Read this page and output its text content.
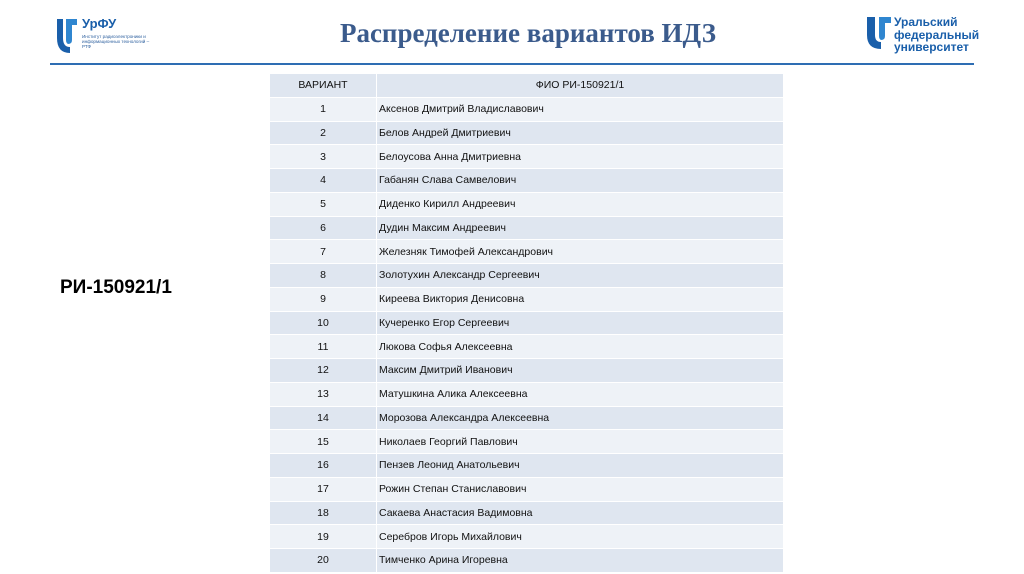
УрФУ
Институт радиоэлектроники и информационных технологий – РТФ	Распределение вариантов ИДЗ	Уральский
федеральный
университет
РИ-150921/1
ВАРИАНТ	ФИО РИ-150921/1
1	Аксенов Дмитрий Владиславович
2	Белов Андрей Дмитриевич
3	Белоусова Анна Дмитриевна
4	Габанян Слава Самвелович
5	Диденко Кирилл Андреевич
6	Дудин Максим Андреевич
7	Железняк Тимофей Александрович
8	Золотухин Александр Сергеевич
9	Киреева Виктория Денисовна
10	Кучеренко Егор Сергеевич
11	Люкова Софья Алексеевна
12	Максим Дмитрий Иванович
13	Матушкина Алика Алексеевна
14	Морозова Александра Алексеевна
15	Николаев Георгий Павлович
16	Пензев Леонид Анатольевич
17	Рожин Степан Станиславович
18	Сакаева Анастасия Вадимовна
19	Серебров Игорь Михайлович
20	Тимченко Арина Игоревна
